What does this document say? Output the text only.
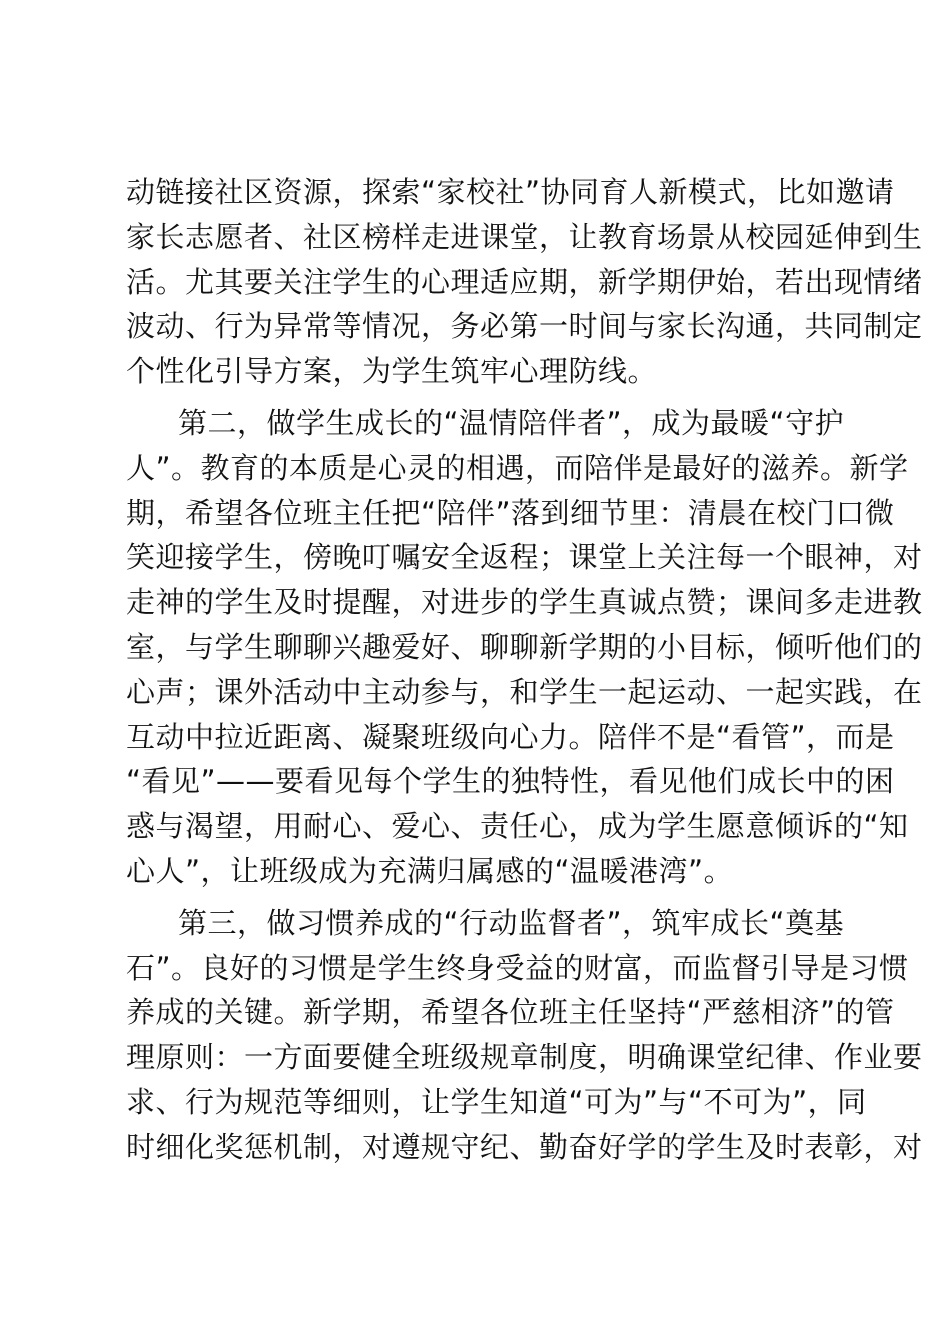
动链接社区资源，探索“家校社”协同育人新模式，比如邀请
家长志愿者、社区榜样走进课堂，让教育场景从校园延伸到生
活。尤其要关注学生的心理适应期，新学期伊始，若出现情绪
波动、行为异常等情况，务必第一时间与家长沟通，共同制定
个性化引导方案，为学生筑牢心理防线。
第二，做学生成长的“温情陪伴者”，成为最暖“守护
人”。教育的本质是心灵的相遇，而陪伴是最好的滋养。新学
期，希望各位班主任把“陪伴”落到细节里：清晨在校门口微
笑迎接学生，傍晚叮嘱安全返程；课堂上关注每一个眼神，对
走神的学生及时提醒，对进步的学生真诚点赞；课间多走进教
室，与学生聊聊兴趣爱好、聊聊新学期的小目标，倾听他们的
心声；课外活动中主动参与，和学生一起运动、一起实践，在
互动中拉近距离、凝聚班级向心力。陪伴不是“看管”，而是
“看见”——要看见每个学生的独特性，看见他们成长中的困
惑与渴望，用耐心、爱心、责任心，成为学生愿意倾诉的“知
心人”，让班级成为充满归属感的“温暖港湾”。
第三，做习惯养成的“行动监督者”，筑牢成长“奠基
石”。良好的习惯是学生终身受益的财富，而监督引导是习惯
养成的关键。新学期，希望各位班主任坚持“严慈相济”的管
理原则：一方面要健全班级规章制度，明确课堂纪律、作业要
求、行为规范等细则，让学生知道“可为”与“不可为”，同
时细化奖惩机制，对遵规守纪、勤奋好学的学生及时表彰，对
